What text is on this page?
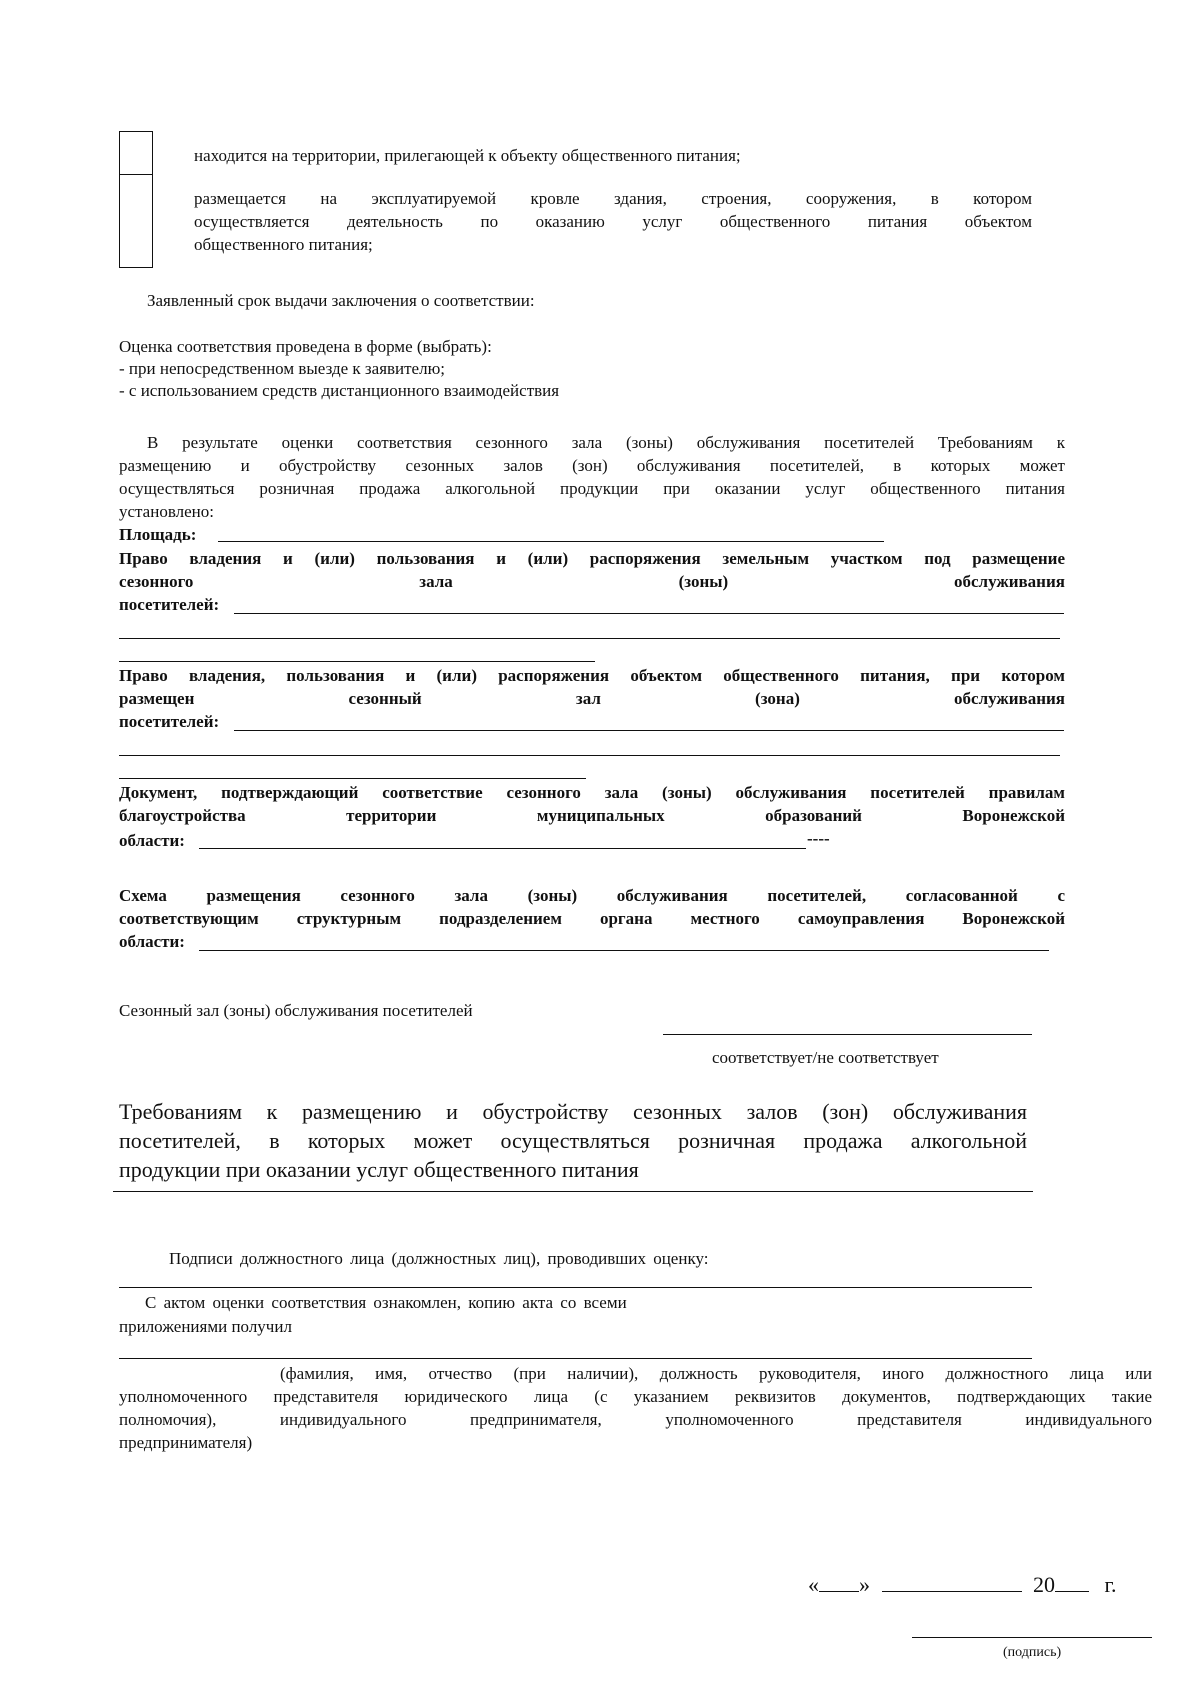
находится на территории, прилегающей к объекту общественного питания;
размещается на эксплуатируемой кровле здания, строения, сооружения, в котором
осуществляется деятельность по оказанию услуг общественного питания объектом
общественного питания;
Заявленный срок выдачи заключения о соответствии:
Оценка соответствия проведена в форме (выбрать):
- при непосредственном выезде к заявителю;
- с использованием средств дистанционного взаимодействия
В результате оценки соответствия сезонного зала (зоны) обслуживания посетителей Требованиям к
размещению и обустройству сезонных залов (зон) обслуживания посетителей, в которых может
осуществляться розничная продажа алкогольной продукции при оказании услуг общественного питания
установлено:
Площадь:
Право владения и (или) пользования и (или) распоряжения земельным участком под размещение
сезонного	зала	(зоны)	обслуживания
посетителей:
Право владения, пользования и (или) распоряжения объектом общественного питания, при котором
размещен	сезонный	зал	(зона)	обслуживания
посетителей:
Документ, подтверждающий соответствие сезонного зала (зоны) обслуживания посетителей правилам
благоустройства	территории	муниципальных	образований	Воронежской
области:	----
Схема размещения сезонного зала (зоны) обслуживания посетителей, согласованной с
соответствующим структурным подразделением органа местного самоуправления Воронежской
области:
Сезонный зал (зоны) обслуживания посетителей
соответствует/не соответствует
Требованиям к размещению и обустройству сезонных залов (зон) обслуживания
посетителей, в которых может осуществляться розничная продажа алкогольной
продукции при оказании услуг общественного питания
Подписи должностного лица (должностных лиц), проводивших оценку:
С актом оценки соответствия ознакомлен, копию акта со всеми
приложениями получил
(фамилия, имя, отчество (при наличии), должность руководителя, иного должностного лица или
уполномоченного представителя юридического лица (с указанием реквизитов документов, подтверждающих такие
полномочия), индивидуального предпринимателя, уполномоченного представителя индивидуального
предпринимателя)
« »	20 г.
(подпись)
